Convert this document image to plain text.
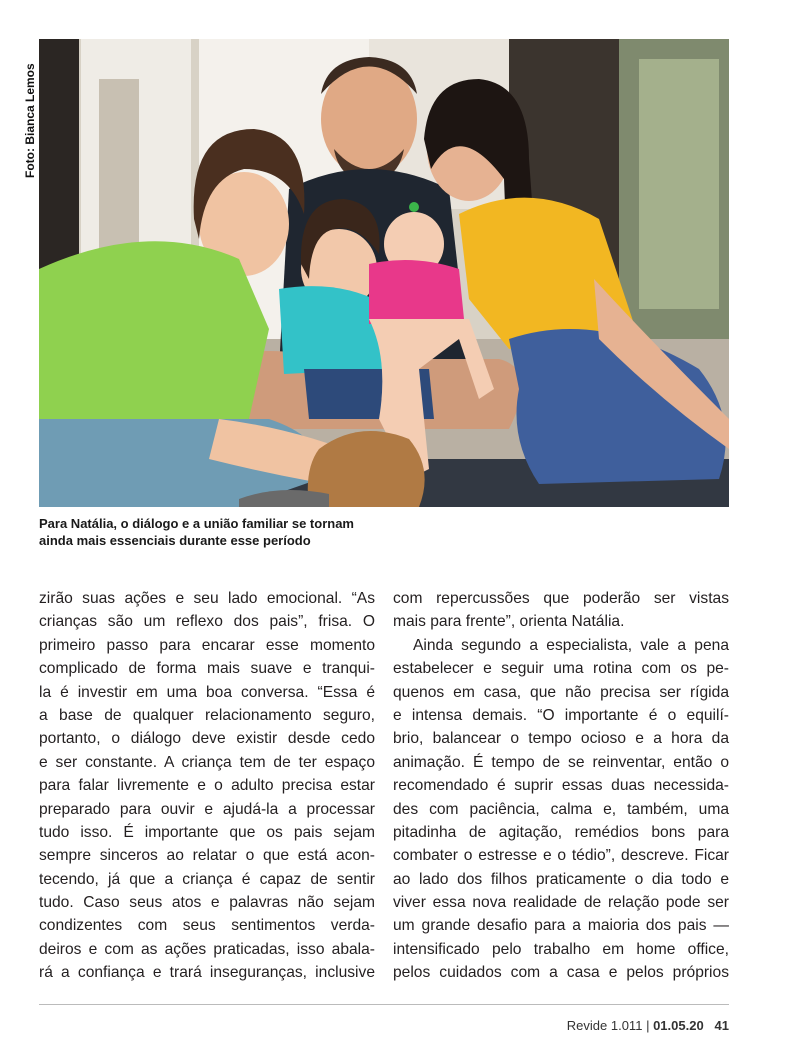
Foto: Bianca Lemos
Para Natália, o diálogo e a união familiar se tornam
ainda mais essenciais durante esse período
zirão suas ações e seu lado emocional. “As
crianças são um reflexo dos pais”, frisa. O
primeiro passo para encarar esse momento
complicado de forma mais suave e tranqui-
la é investir em uma boa conversa. “Essa é
a base de qualquer relacionamento seguro,
portanto, o diálogo deve existir desde cedo
e ser constante. A criança tem de ter espaço
para falar livremente e o adulto precisa estar
preparado para ouvir e ajudá-la a processar
tudo isso. É importante que os pais sejam
sempre sinceros ao relatar o que está acon-
tecendo, já que a criança é capaz de sentir
tudo. Caso seus atos e palavras não sejam
condizentes com seus sentimentos verda-
deiros e com as ações praticadas, isso abala-
rá a confiança e trará inseguranças, inclusive
com repercussões que poderão ser vistas
mais para frente”, orienta Natália.
Ainda segundo a especialista, vale a pena
estabelecer e seguir uma rotina com os pe-
quenos em casa, que não precisa ser rígida
e intensa demais. “O importante é o equilí-
brio, balancear o tempo ocioso e a hora da
animação. É tempo de se reinventar, então o
recomendado é suprir essas duas necessida-
des com paciência, calma e, também, uma
pitadinha de agitação, remédios bons para
combater o estresse e o tédio”, descreve. Ficar
ao lado dos filhos praticamente o dia todo e
viver essa nova realidade de relação pode ser
um grande desafio para a maioria dos pais —
intensificado pelo trabalho em home office,
pelos cuidados com a casa e pelos próprios
Revide 1.011 | 01.05.20 41
